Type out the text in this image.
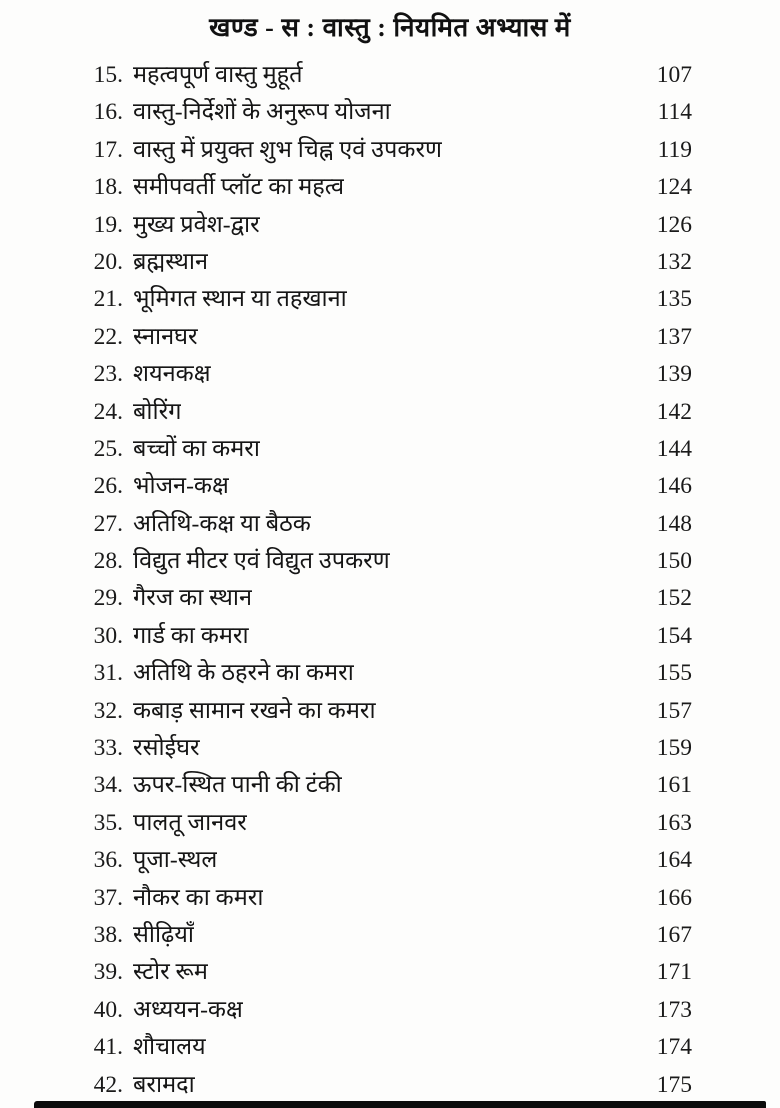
खण्ड - स : वास्तु : नियमित अभ्यास में
15. महत्वपूर्ण वास्तु मुहूर्त	107
16. वास्तु-निर्देशों के अनुरूप योजना	114
17. वास्तु में प्रयुक्त शुभ चिह्न एवं उपकरण	119
18. समीपवर्ती प्लॉट का महत्व	124
19. मुख्य प्रवेश-द्वार	126
20. ब्रह्मस्थान	132
21. भूमिगत स्थान या तहखाना	135
22. स्नानघर	137
23. शयनकक्ष	139
24. बोरिंग	142
25. बच्चों का कमरा	144
26. भोजन-कक्ष	146
27. अतिथि-कक्ष या बैठक	148
28. विद्युत मीटर एवं विद्युत उपकरण	150
29. गैरज का स्थान	152
30. गार्ड का कमरा	154
31. अतिथि के ठहरने का कमरा	155
32. कबाड़ सामान रखने का कमरा	157
33. रसोईघर	159
34. ऊपर-स्थित पानी की टंकी	161
35. पालतू जानवर	163
36. पूजा-स्थल	164
37. नौकर का कमरा	166
38. सीढ़ियाँ	167
39. स्टोर रूम	171
40. अध्ययन-कक्ष	173
41. शौचालय	174
42. बरामदा	175
